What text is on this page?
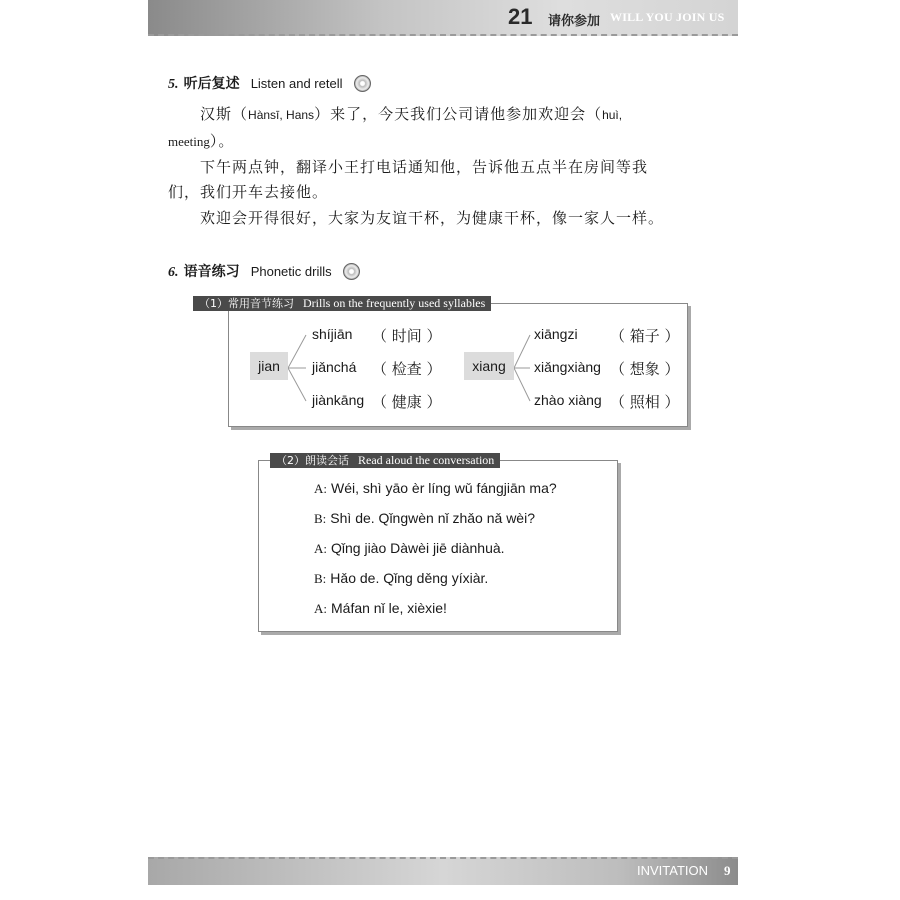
21 请你参加 WILL YOU JOIN US
5. 听后复述 Listen and retell
汉斯（Hànsī, Hans）来了，今天我们公司请他参加欢迎会（huì,
meeting）。
下午两点钟，翻译小王打电话通知他，告诉他五点半在房间等我
们，我们开车去接他。
欢迎会开得很好，大家为友谊干杯，为健康干杯，像一家人一样。
6. 语音练习 Phonetic drills
（1）常用音节练习 Drills on the frequently used syllables
jian	xiang
shíjiān （ 时间 ）
jiǎnchá （ 检查 ）
jiànkāng （ 健康 ）
xiāngzi （ 箱子 ）
xiǎngxiàng （ 想象 ）
zhào xiàng （ 照相 ）
（2）朗读会话 Read aloud the conversation
A: Wéi, shì yāo èr líng wǔ fángjiān ma?
B: Shì de. Qǐngwèn nǐ zhǎo nǎ wèi?
A: Qǐng jiào Dàwèi jiē diànhuà.
B: Hǎo de. Qǐng děng yíxiàr.
A: Máfan nǐ le, xièxie!
INVITATION 9
